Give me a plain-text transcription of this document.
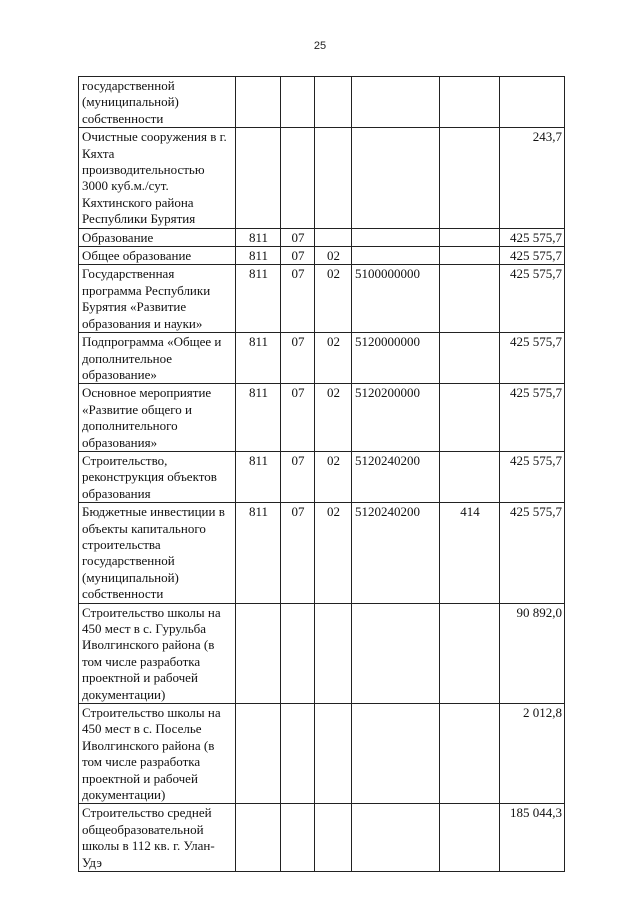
25
государственной (муниципальной) собственности						
Очистные сооружения в г. Кяхта производительностью 3000 куб.м./сут. Кяхтинского района Республики Бурятия						243,7
Образование	811	07				425 575,7
Общее образование	811	07	02			425 575,7
Государственная программа Республики Бурятия «Развитие образования и науки»	811	07	02	5100000000		425 575,7
Подпрограмма «Общее и дополнительное образование»	811	07	02	5120000000		425 575,7
Основное мероприятие «Развитие общего и дополнительного образования»	811	07	02	5120200000		425 575,7
Строительство, реконструкция объектов образования	811	07	02	5120240200		425 575,7
Бюджетные инвестиции в объекты капитального строительства государственной (муниципальной) собственности	811	07	02	5120240200	414	425 575,7
Строительство школы на 450 мест в с. Гурульба Иволгинского района (в том числе разработка проектной и рабочей документации)						90 892,0
Строительство школы на 450 мест в с. Поселье Иволгинского района (в том числе разработка проектной и рабочей документации)						2 012,8
Строительство средней общеобразовательной школы в 112 кв. г. Улан-Удэ						185 044,3
